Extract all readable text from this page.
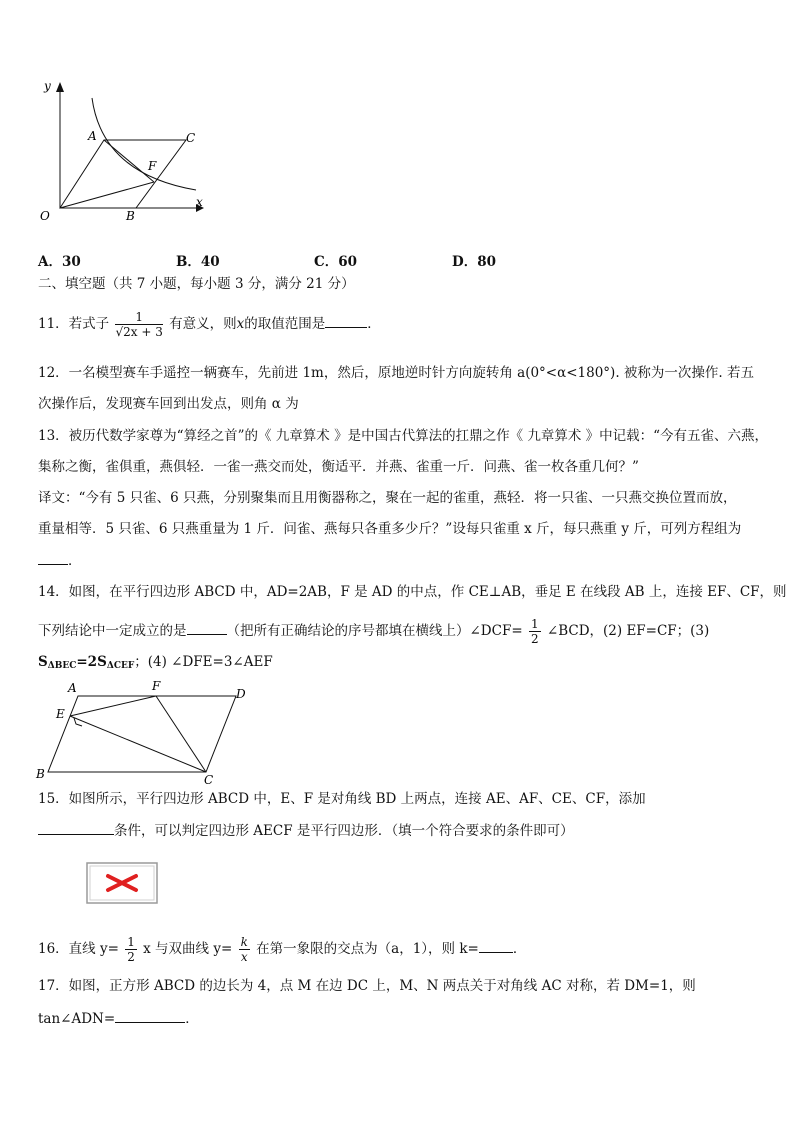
y
x
O
A
B
C
F
A．30	B．40	C．60	D．80
二、填空题（共 7 小题，每小题 3 分，满分 21 分）
11．若式子 $\frac{1}{√2x + 3}$ 有意义，则x的取值范围是	．
12．一名模型赛车手遥控一辆赛车，先前进 1m，然后，原地逆时针方向旋转角 a(0°<α<180°). 被称为一次操作. 若五
次操作后，发现赛车回到出发点，则角 α 为
13．被历代数学家尊为“算经之首”的《 九章算术 》是中国古代算法的扛鼎之作《 九章算术 》中记载：“今有五雀、六燕，
集称之衡，雀俱重，燕俱轻．一雀一燕交而处，衡适平．并燕、雀重一斤．问燕、雀一枚各重几何？”
译文：“今有 5 只雀、6 只燕，分别聚集而且用衡器称之，聚在一起的雀重，燕轻．将一只雀、一只燕交换位置而放，
重量相等．5 只雀、6 只燕重量为 1 斤．问雀、燕每只各重多少斤？”设每只雀重 x 斤，每只燕重 y 斤，可列方程组为
．
14．如图，在平行四边形 ABCD 中，AD=2AB，F 是 AD 的中点，作 CE⊥AB，垂足 E 在线段 AB 上，连接 EF、CF，则
下列结论中一定成立的是	（把所有正确结论的序号都填在横线上）∠DCF= $\frac{1}{2}$ ∠BCD，(2) EF=CF；(3)
$S_{\Delta BEC}=2S_{\Delta CEF}$；(4) ∠DFE=3∠AEF
A	F
D
E
B	C
15．如图所示，平行四边形 ABCD 中，E、F 是对角线 BD 上两点，连接 AE、AF、CE、CF，添加
条件，可以判定四边形 AECF 是平行四边形．（填一个符合要求的条件即可）
16．直线 $y= \frac{1}{2}$ x 与双曲线 $y= \frac{k}{x}$ 在第一象限的交点为（a，1），则 k=	．
17．如图，正方形 ABCD 的边长为 4，点 M 在边 DC 上，M、N 两点关于对角线 AC 对称，若 DM=1，则
tan∠ADN=	．
